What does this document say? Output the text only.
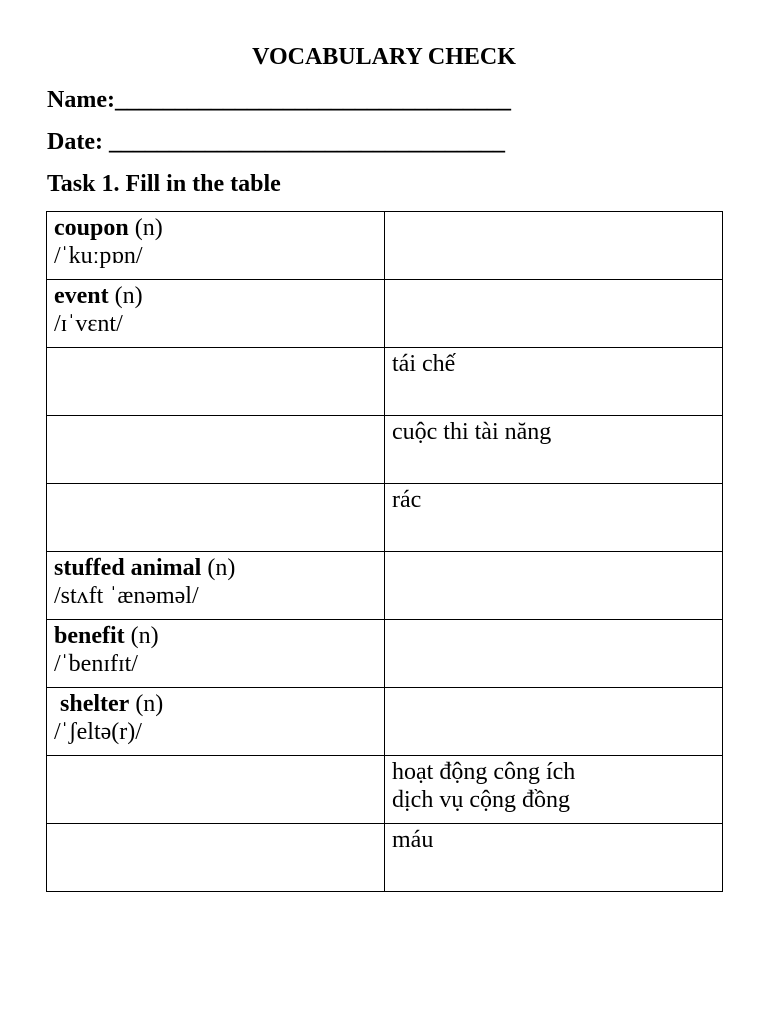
VOCABULARY CHECK
Name:_________________________________
Date: _________________________________
Task 1. Fill in the table
coupon (n)
/ˈkuːpɒn/	

event (n)
/ɪˈvɛnt/	

	tái chế

	cuộc thi tài năng

	rác

stuffed animal (n)
/stʌft ˈænəməl/	

benefit (n)
/ˈbenɪfɪt/	

shelter (n)
/ˈʃeltə(r)/	

	hoạt động công ích
dịch vụ cộng đồng

	máu
